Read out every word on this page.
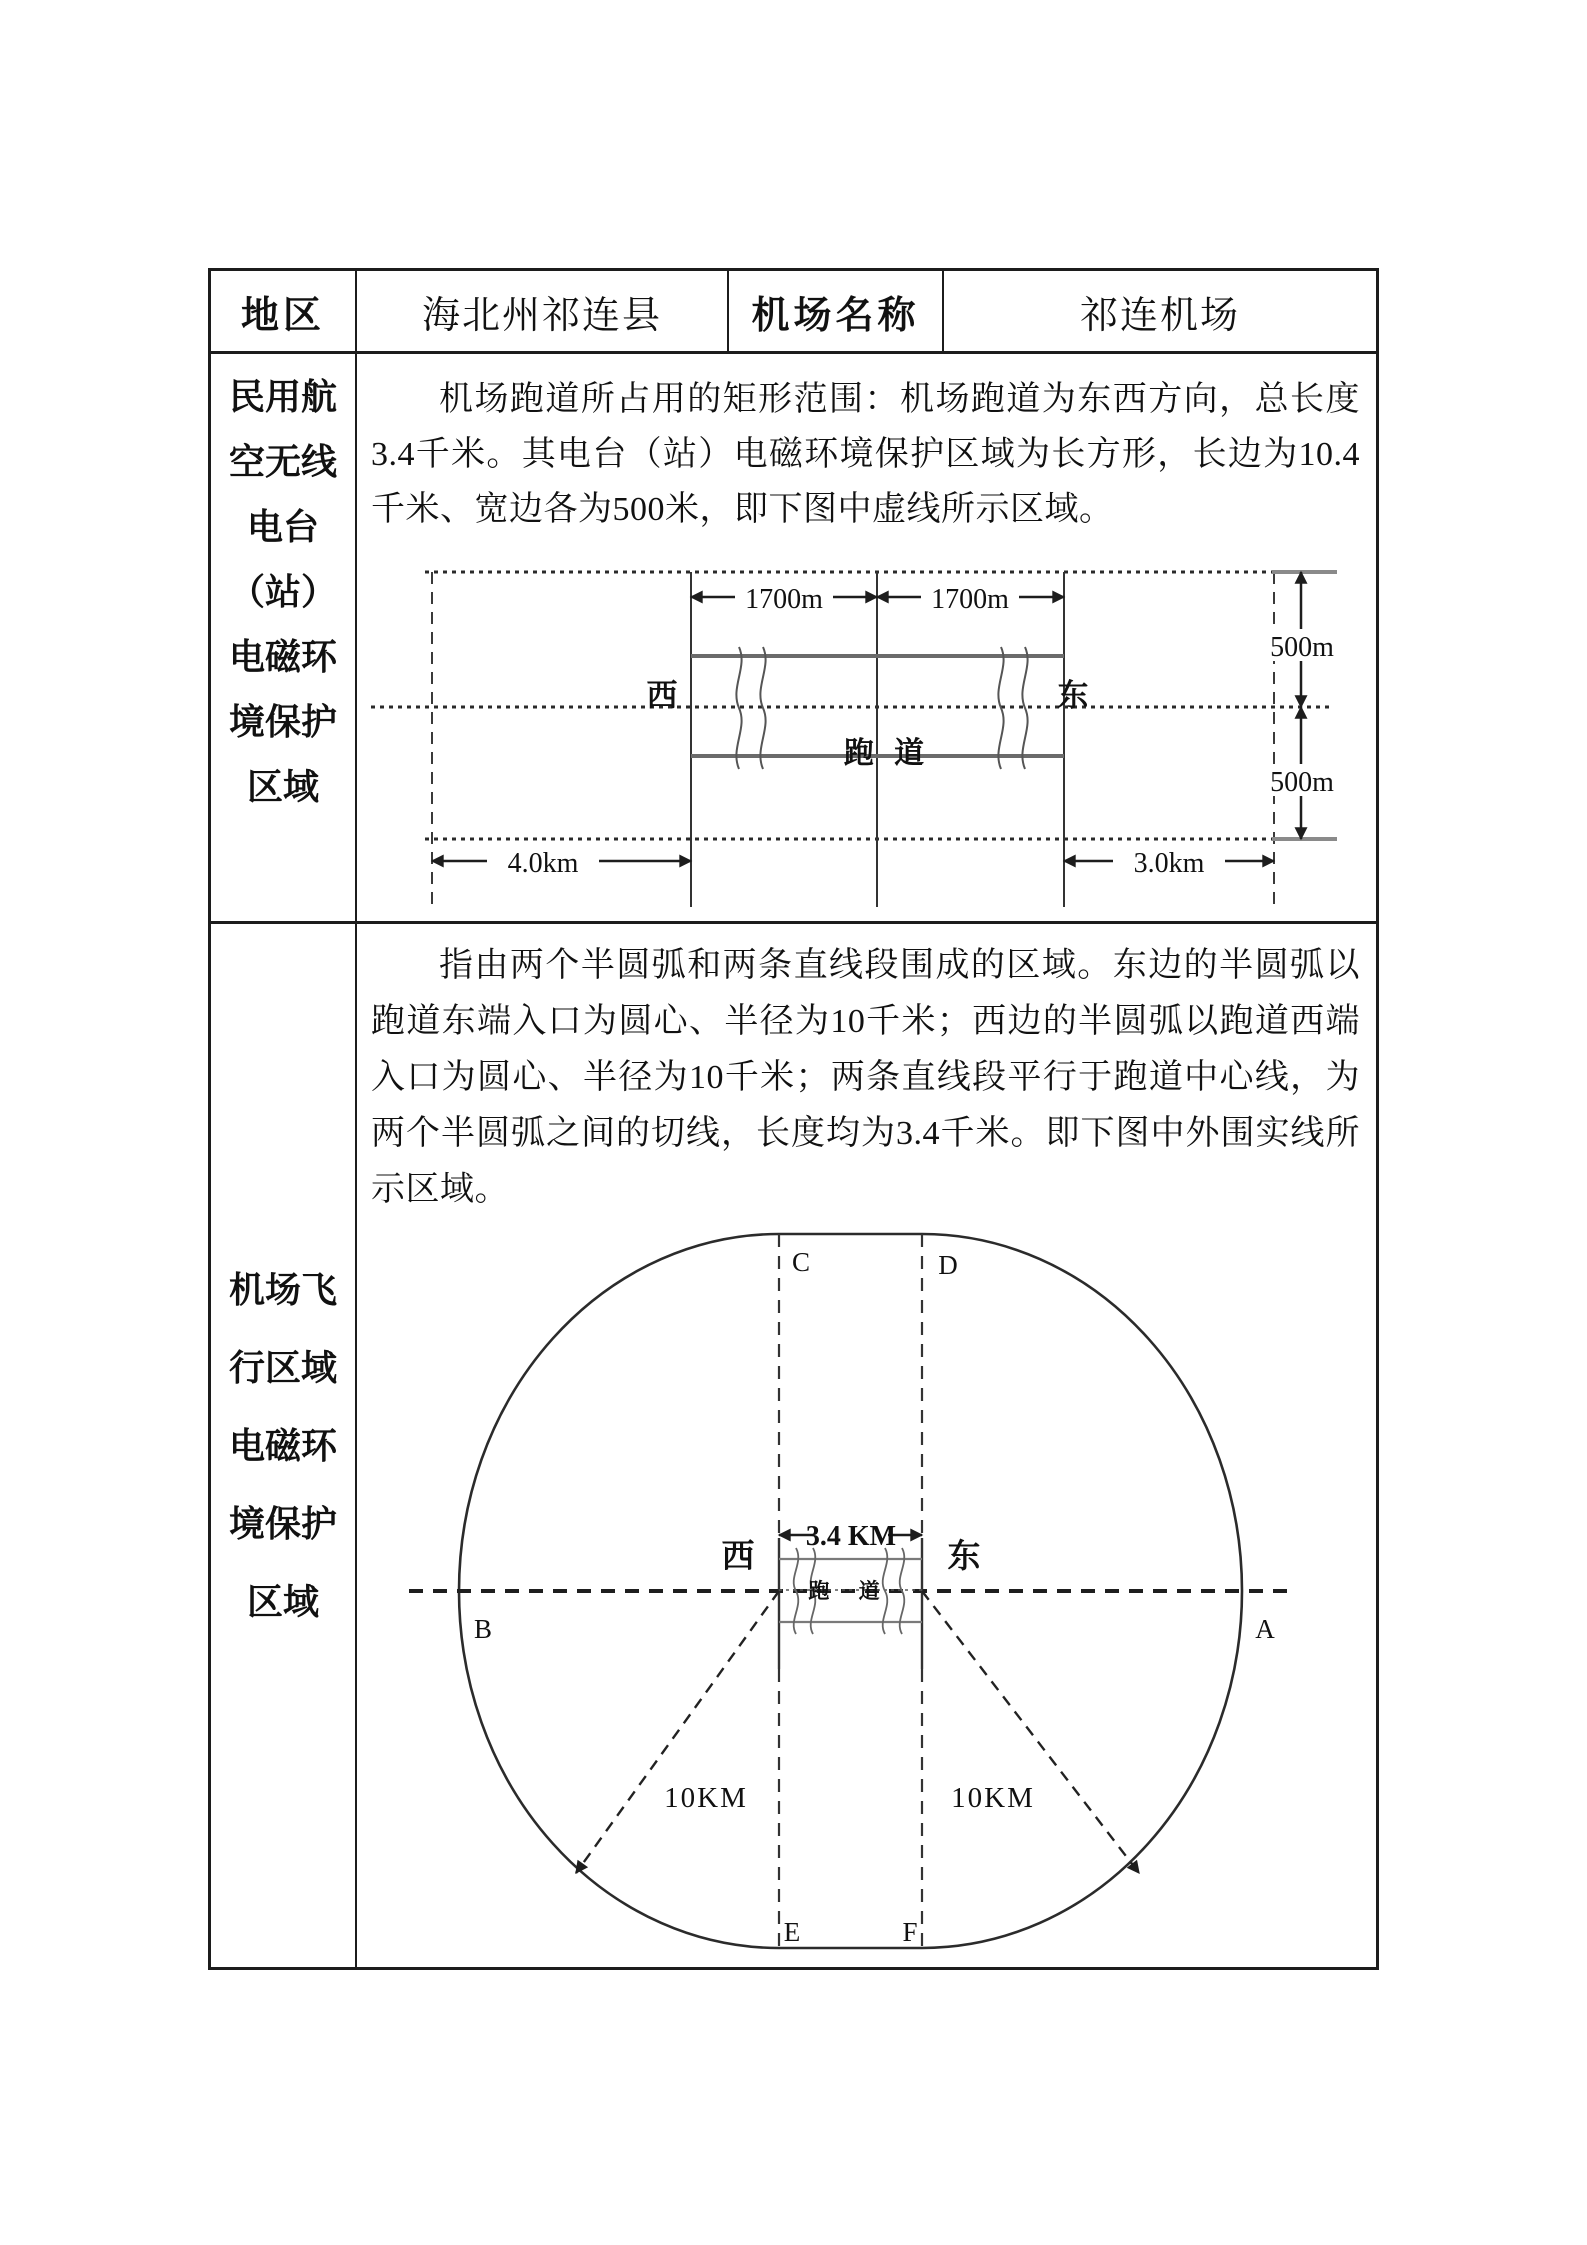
地区	海北州祁连县 机场名称	祁连机场
民用航
空无线
电台
（站）
电磁环
境保护
区域
机场跑道所占用的矩形范围：机场跑道为东西方向，总长度3.4千米。其电台（站）电磁环境保护区域为长方形，长边为10.4千米、宽边各为500米，即下图中虚线所示区域。
1700m	1700m
500m
500m
4.0km	3.0km
西	东
跑 道
机场飞
行区域
电磁环
境保护
区域
指由两个半圆弧和两条直线段围成的区域。东边的半圆弧以跑道东端入口为圆心、半径为10千米；西边的半圆弧以跑道西端入口为圆心、半径为10千米；两条直线段平行于跑道中心线，为两个半圆弧之间的切线，长度均为3.4千米。即下图中外围实线所示区域。
3.4 KM
跑 道
西	东
10KM	10KM
C	D
B	A
E	F
